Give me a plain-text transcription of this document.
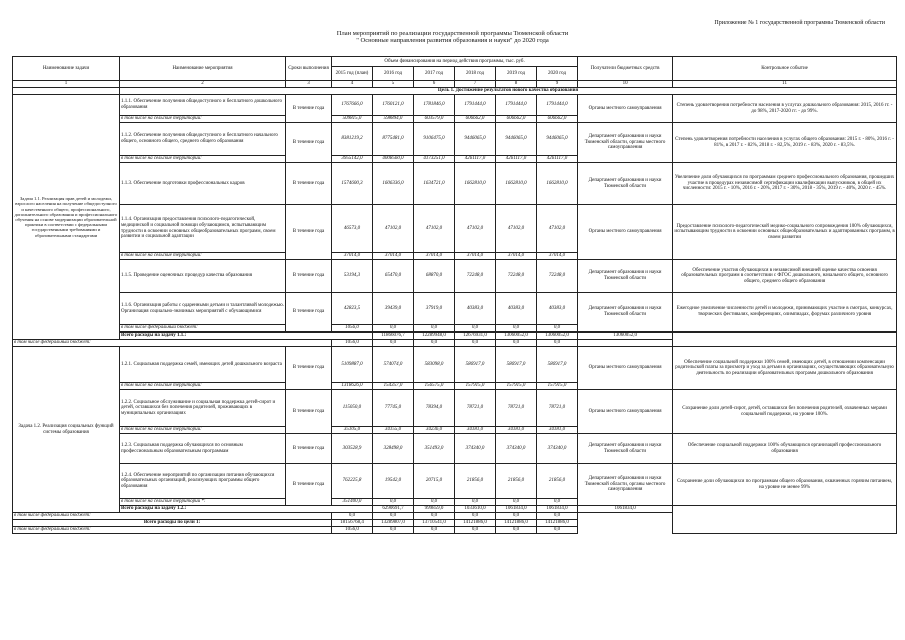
Приложение № 1 государственной программы Тюменской области
План мероприятий по реализации государственной программы Тюменской области
" Основные направления развития образования и науки" до 2020 года
Наименование задачи	Наименование мероприятия	Сроки выполнения	Объем финансирования на период действия программы, тыс. руб.						Получатели бюджетных средств	Контрольное событие	
			2015 год (план)	2016 год	2017 год	2018 год	2019 год	2020 год			
1	2	3	4	5	6	7	8	9	10	11	
	Цель 1. Достижение результатов нового качества образования										
Задача 1.1. Реализация прав детей и молодежи, взрослого населения на получение общедоступного и качественного общего, профессионального, дополнительного образования и профессионального обучения на основе модернизации образовательной практики в соответствии с федеральными государственными требованиями и образовательными стандартами	1.1.1. Обеспечение получения общедоступного и бесплатного дошкольного образования	В течение года	1767666,0	1760121,0	1781846,0	1791444,0	1791444,0	1791444,0	Органы местного самоуправления	Степень удовлетворения потребности населения в услугах дошкольного образования: 2015, 2016 гг. - до 98%, 2017-2020 гг. - до 99%.	
	в том числе на сельские территории:		509815,0	598894,0	603579,0	606662,0	606662,0	606662,0			
	1.1.2. Обеспечение получения общедоступного и бесплатного начального общего, основного общего, среднего общего образования	В течение года	8381219,2	8775481,0	9106475,0	9446065,0	9446065,0	9446065,0	Департамент образования и науки Тюменской области, органы местного самоуправления	Степень удовлетворения потребности населения в услугах общего образования: 2015 г. - 80%, 2016 г. - 81%, в 2017 г. - 82%, 2018 г. - 82,5%, 2019 г. - 83%, 2020 г. - 83,5%.	
	в том числе на сельские территории:		3955142,0	4008560,0	4173251,0	4261117,0	4261117,0	4261117,0			
	1.1.3. Обеспечение подготовки профессиональных кадров	В течение года	1574600,3	1606336,0	1634721,0	1662810,0	1662810,0	1662810,0	Департамент образования и науки Тюменской области	Увеличение доли обучающихся по программам среднего профессионального образования, прошедших участие в процедурах независимой сертификации квалификации выпускников, в общей их численности: 2015 г. - 10%, 2016 г. - 20%, 2017 г. - 30%, 2018 - 35%, 2019 г. - 40%, 2020 г. - 45%.	
	1.1.4. Организация предоставления психолого-педагогической, медицинской и социальной помощи обучающимся, испытывающим трудности в освоении основных общеобразовательных программ, своем развитии и социальной адаптации	В течение года	46573,0	47102,0	47102,0	47102,0	47102,0	47102,0	Органы местного самоуправления	Предоставление психолого-педагогической медико-социального сопровождения 100% обучающихся, испытывающим трудности в освоении основных общеобразовательных и адаптированных программ, в своем развитии	
	в том числе на сельские территории:		37014,0	37014,0	37014,0	37014,0	37014,0	37014,0			
	1.1.5. Проведение оценочных процедур качества образования	В течение года	53194,3	65470,0	68870,0	72248,0	72248,0	72248,0	Департамент образования и науки Тюменской области	Обеспечение участия обучающихся в независимой внешней оценке качества освоения образовательных программ в соответствии с ФГОС дошкольного, начального общего, основного общего, среднего общего образования	
	1.1.6. Организация работы с одаренными детьми и талантливой молодежью. Организация социально-значимых мероприятий с обучающимися	В течение года	42823,5	39439,0	37919,0	40383,0	40383,0	40383,0	Департамент образования и науки Тюменской области	Ежегодное увеличение численности детей и молодежи, принимающих участие в смотрах, конкурсах, творческих фестивалях, конференциях, олимпиадах, форумах различного уровня	
	в том числе федеральный бюджет:		1056,0	0,0	0,0	0,0	0,0	0,0			

	Всего расходы на задачу 1.1.:			11866076,7	12289948,0	12676931,0	13060052,0	13060052,0	13060052,0		
в том числе федеральный бюджет:			1056,0	0,0	0,0	0,0	0,0	0,0			
Задача 1.2. Реализация социальных функций системы образования	1.2.1. Социальная поддержка семей, имеющих детей дошкольного возраста	В течение года	5109887,0	574074,0	583098,0	586917,0	586917,0	586917,0	Органы местного самоуправления	Обеспечение социальной поддержки 100% семей, имеющих детей, в отношении компенсации родительской платы за присмотр и уход за детьми в организациях, осуществляющих образовательную деятельность по реализации образовательных программ дошкольного образования	
	в том числе на сельские территории:		1318626,0	154357,0	156575,0	157915,0	157915,0	157915,0			
	1.2.2. Социальное обслуживание и социальная поддержка детей-сирот и детей, оставшихся без попечения родителей, проживающих в муниципальных организациях	В течение года	115050,0	77745,0	78394,0	78721,0	78721,0	78721,0	Органы местного самоуправления	Сохранение доли детей-сирот, детей, оставшихся без попечения родителей, охваченных мерами социальной поддержки, на уровне 100%.	
	в том числе на сельские территории:		35105,0	34155,0	34236,0	34181,0	34181,0	34181,0			
	1.2.3. Социальная поддержка обучающихся по основным профессиональным образовательным программам	В течение года	303528,9	328498,0	351493,0	374340,0	374340,0	374340,0	Департамент образования и науки Тюменской области	Обеспечение социальной поддержки 100% обучающихся организаций профессионального образования	
	1.2.4. Обеспечение мероприятий по организации питания обучающихся образовательных организаций, реализующих программы общего образования	В течение года	762225,8	19542,0	20715,0	21856,0	21856,0	21856,0	Департамент образования и науки Тюменской области, органы местного самоуправления	Сохранение доли обучающихся по программам общего образования, охваченных горячим питанием, на уровне не менее 99%	
	в том числе на сельские территории *:		351400,0	0,0	0,0	0,0	0,0	0,0			
	Всего расходы на задачу 1.2.:			6290691,7	999859,0	1033610,0	1061834,0	1061834,0	1061834,0		
в том числе федеральный бюджет:			0,0	0,0	0,0	0,0	0,0	0,0			
Всего расходы по цели 1:			18156768,4	13289807,0	13710541,0	14121886,0	14121886,0	14121886,0			
в том числе федеральный бюджет:			1056,0	0,0	0,0	0,0	0,0	0,0			
